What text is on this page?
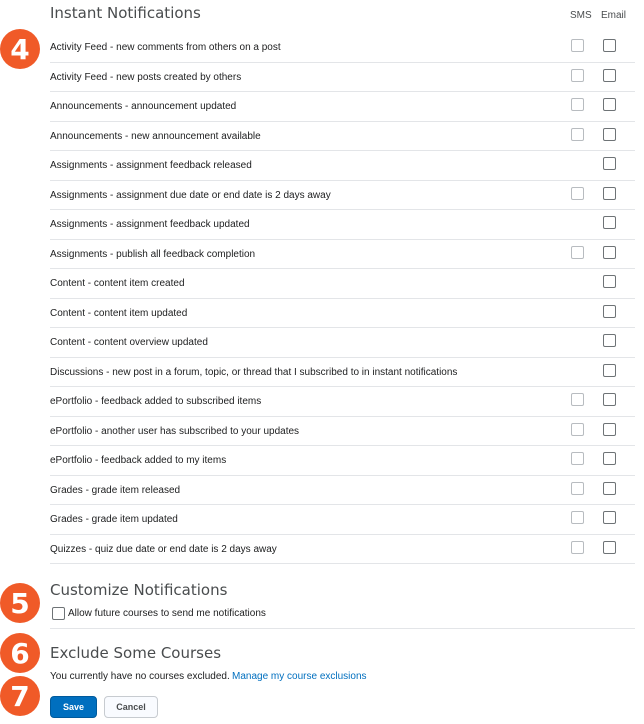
4
5
6
7
Instant Notifications	SMS Email
Activity Feed - new comments from others on a post
Activity Feed - new posts created by others
Announcements - announcement updated
Announcements - new announcement available
Assignments - assignment feedback released
Assignments - assignment due date or end date is 2 days away
Assignments - assignment feedback updated
Assignments - publish all feedback completion
Content - content item created
Content - content item updated
Content - content overview updated
Discussions - new post in a forum, topic, or thread that I subscribed to in instant notifications
ePortfolio - feedback added to subscribed items
ePortfolio - another user has subscribed to your updates
ePortfolio - feedback added to my items
Grades - grade item released
Grades - grade item updated
Quizzes - quiz due date or end date is 2 days away
Customize Notifications
Allow future courses to send me notifications
Exclude Some Courses
You currently have no courses excluded. Manage my course exclusions
Save	Cancel
